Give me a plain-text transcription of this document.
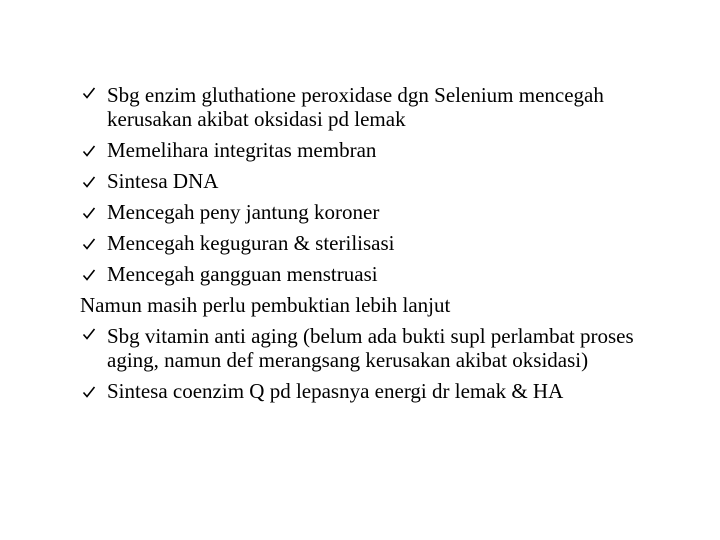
Sbg enzim gluthatione peroxidase dgn Selenium mencegah kerusakan akibat oksidasi pd lemak
Memelihara integritas membran
Sintesa DNA
Mencegah peny jantung koroner
Mencegah keguguran & sterilisasi
Mencegah gangguan menstruasi
Namun masih perlu pembuktian lebih lanjut
Sbg vitamin anti aging (belum ada bukti supl perlambat proses aging, namun def merangsang kerusakan akibat oksidasi)
Sintesa coenzim Q pd lepasnya energi dr lemak & HA
